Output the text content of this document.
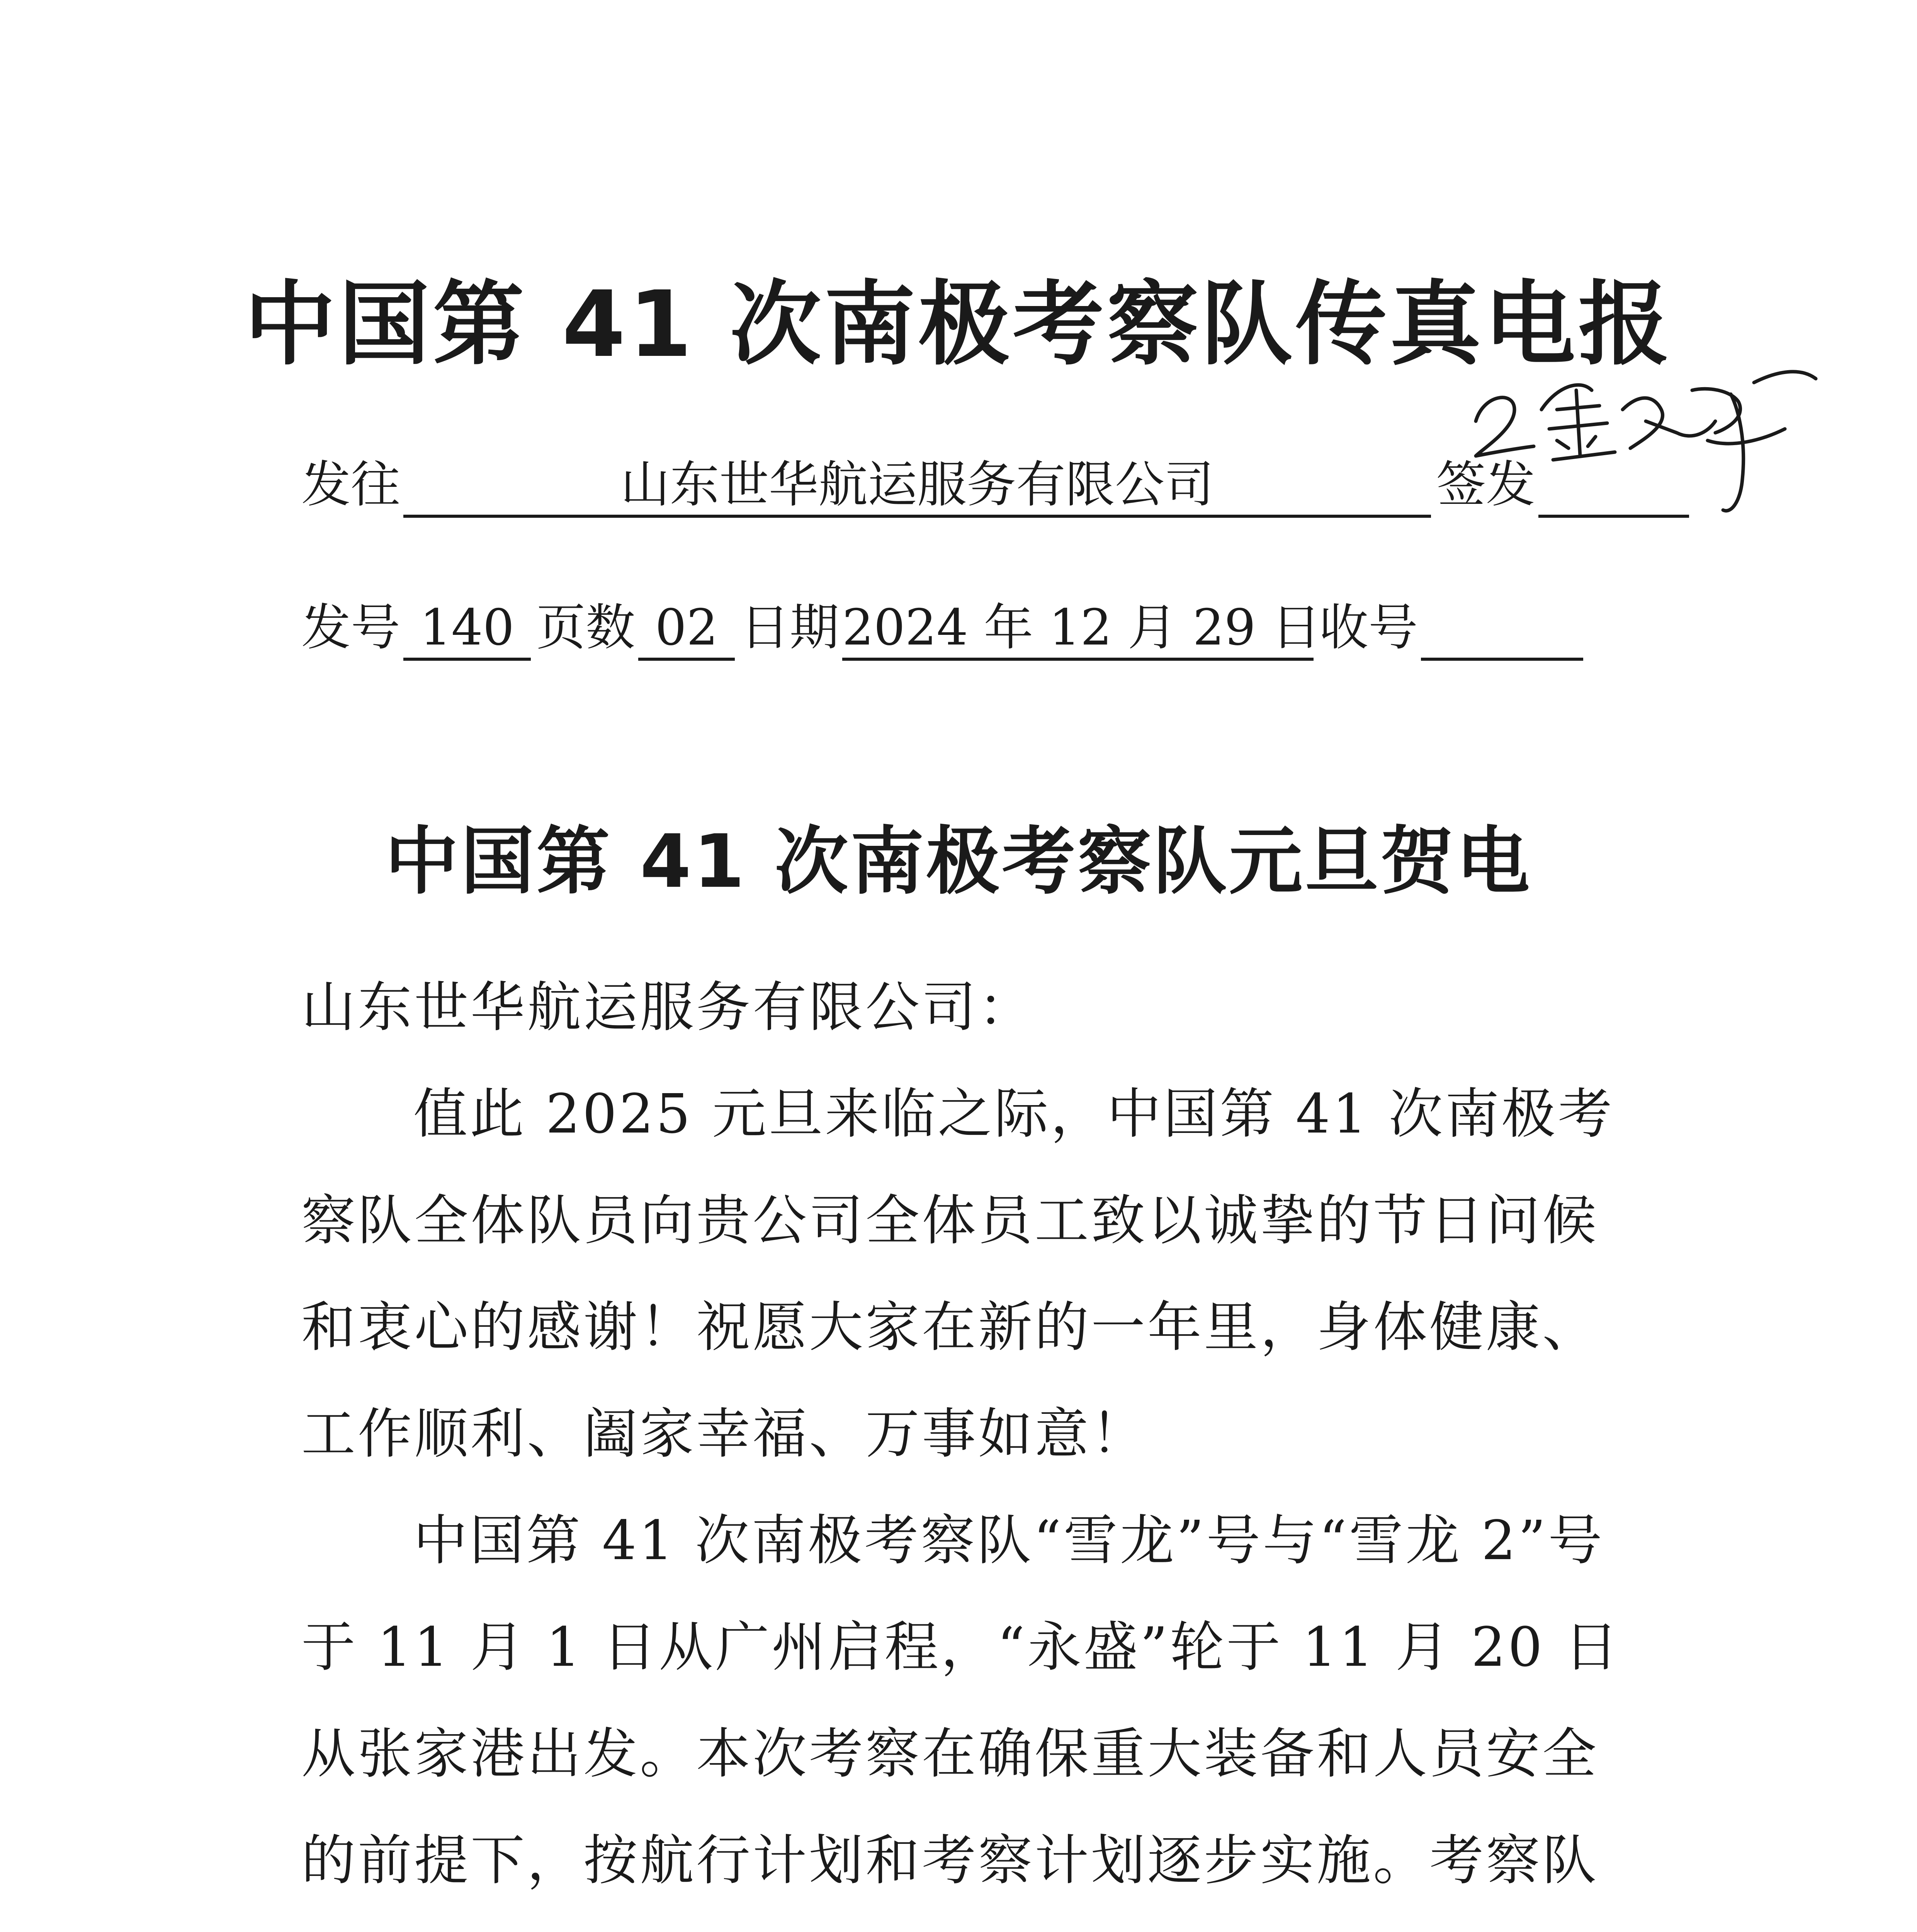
中国第 41 次南极考察队传真电报
发往	山东世华航运服务有限公司	签发
发号 140 页数 02 日期2024 年 12 月 29 日收号
中国第 41 次南极考察队元旦贺电

山东世华航运服务有限公司：

值此 2025 元旦来临之际，中国第 41 次南极考察队全体队员向贵公司全体员工致以诚挚的节日问候和衷心的感谢！祝愿大家在新的一年里，身体健康、工作顺利、阖家幸福、万事如意！

中国第 41 次南极考察队“雪龙”号与“雪龙 2”号于 11 月 1 日从广州启程，“永盛”轮于 11 月 20 日从张家港出发。本次考察在确保重大装备和人员安全的前提下，按航行计划和考察计划逐步实施。考察队
